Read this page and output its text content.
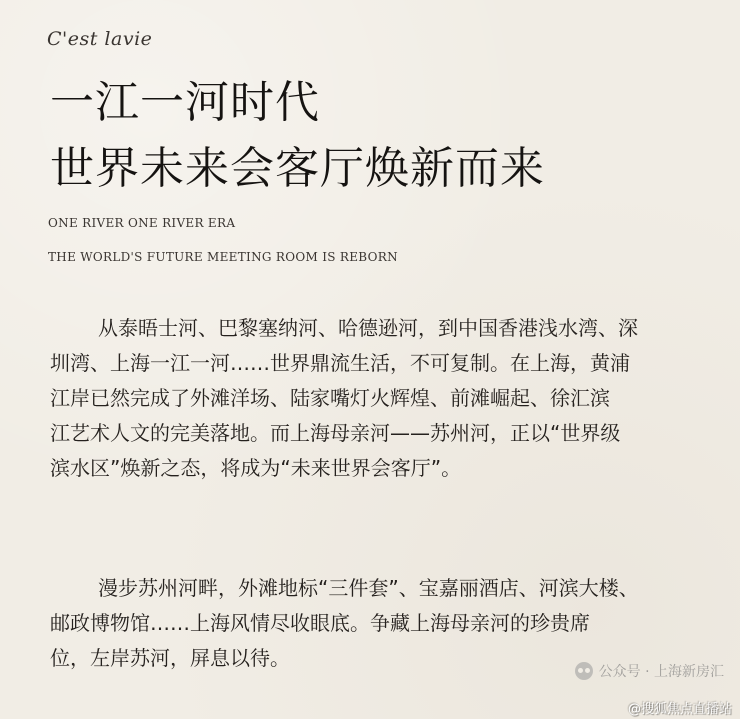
C'est lavie
一江一河时代
世界未来会客厅焕新而来
ONE RIVER ONE RIVER ERA
THE WORLD'S FUTURE MEETING ROOM IS REBORN
从泰晤士河、巴黎塞纳河、哈德逊河，到中国香港浅水湾、深
圳湾、上海一江一河……世界鼎流生活，不可复制。在上海，黄浦
江岸已然完成了外滩洋场、陆家嘴灯火辉煌、前滩崛起、徐汇滨
江艺术人文的完美落地。而上海母亲河——苏州河，正以“世界级
滨水区”焕新之态，将成为“未来世界会客厅”。
漫步苏州河畔，外滩地标“三件套”、宝嘉丽酒店、河滨大楼、
邮政博物馆……上海风情尽收眼底。争藏上海母亲河的珍贵席
位，左岸苏河，屏息以待。
公众号 · 上海新房汇
@搜狐焦点直播站
